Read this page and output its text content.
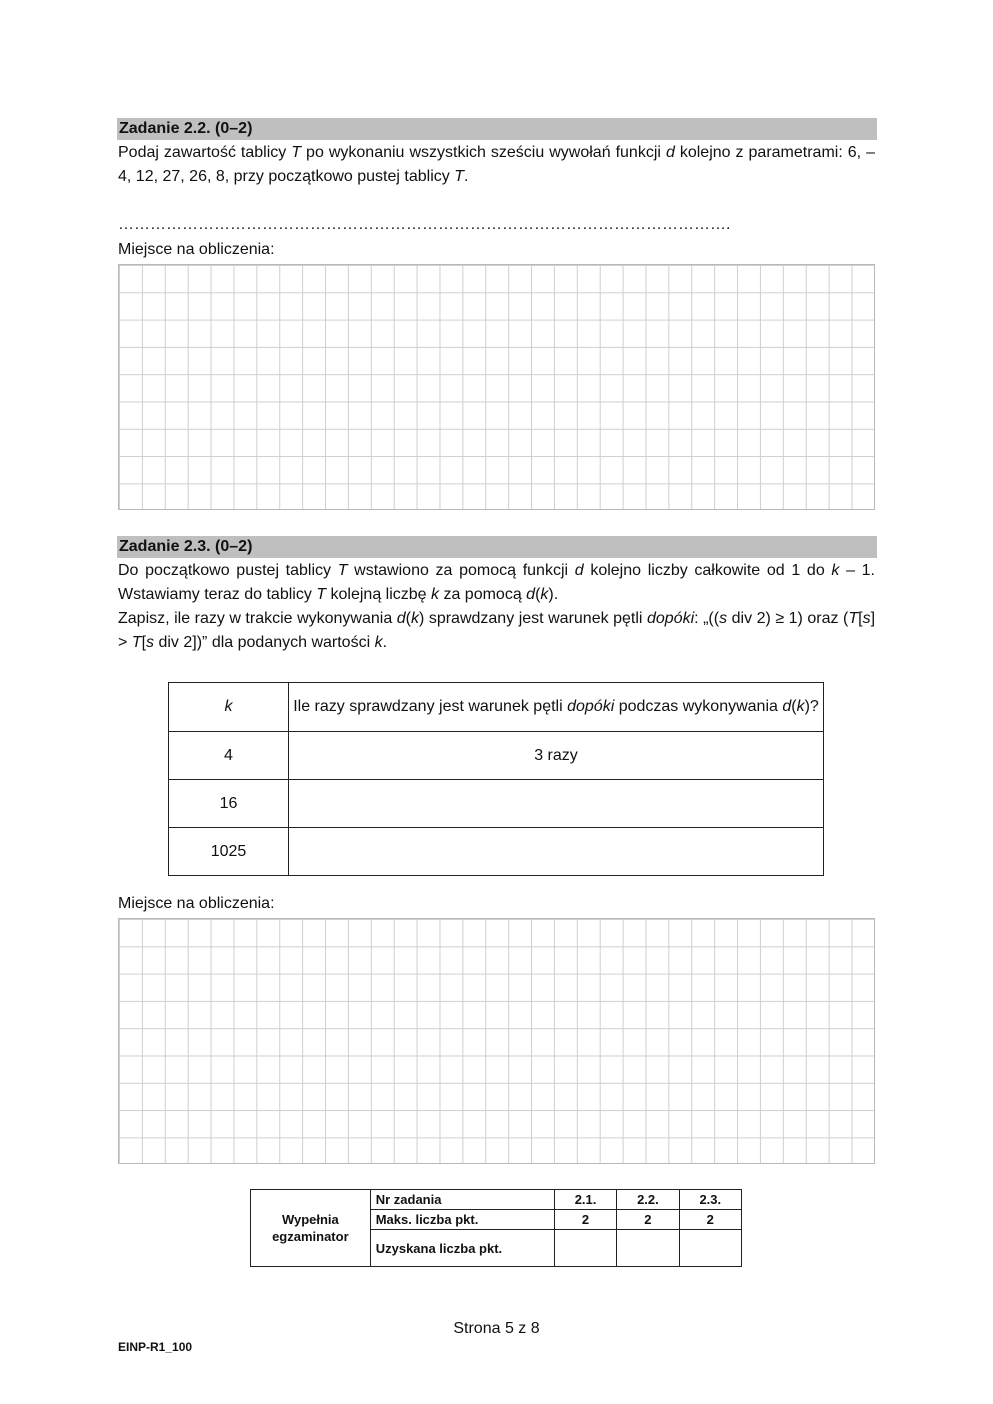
Zadanie 2.2. (0–2)
Podaj zawartość tablicy T po wykonaniu wszystkich sześciu wywołań funkcji d kolejno z parametrami: 6, –4, 12, 27, 26, 8, przy początkowo pustej tablicy T.
…………………………………………………………………………………………………….
Miejsce na obliczenia:
Zadanie 2.3. (0–2)
Do początkowo pustej tablicy T wstawiono za pomocą funkcji d kolejno liczby całkowite od 1 do k – 1. Wstawiamy teraz do tablicy T kolejną liczbę k za pomocą d(k).
Zapisz, ile razy w trakcie wykonywania d(k) sprawdzany jest warunek pętli dopóki: „((s div 2) ≥ 1) oraz (T[s] > T[s div 2])” dla podanych wartości k.
k	Ile razy sprawdzany jest warunek pętli dopóki podczas wykonywania d(k)?
4	3 razy
16	
1025	
Miejsce na obliczenia:
Wypełnia egzaminator	Nr zadania	2.1.	2.2.	2.3.
	Maks. liczba pkt.	2	2	2
	Uzyskana liczba pkt.			
Strona 5 z 8
EINP-R1_100
